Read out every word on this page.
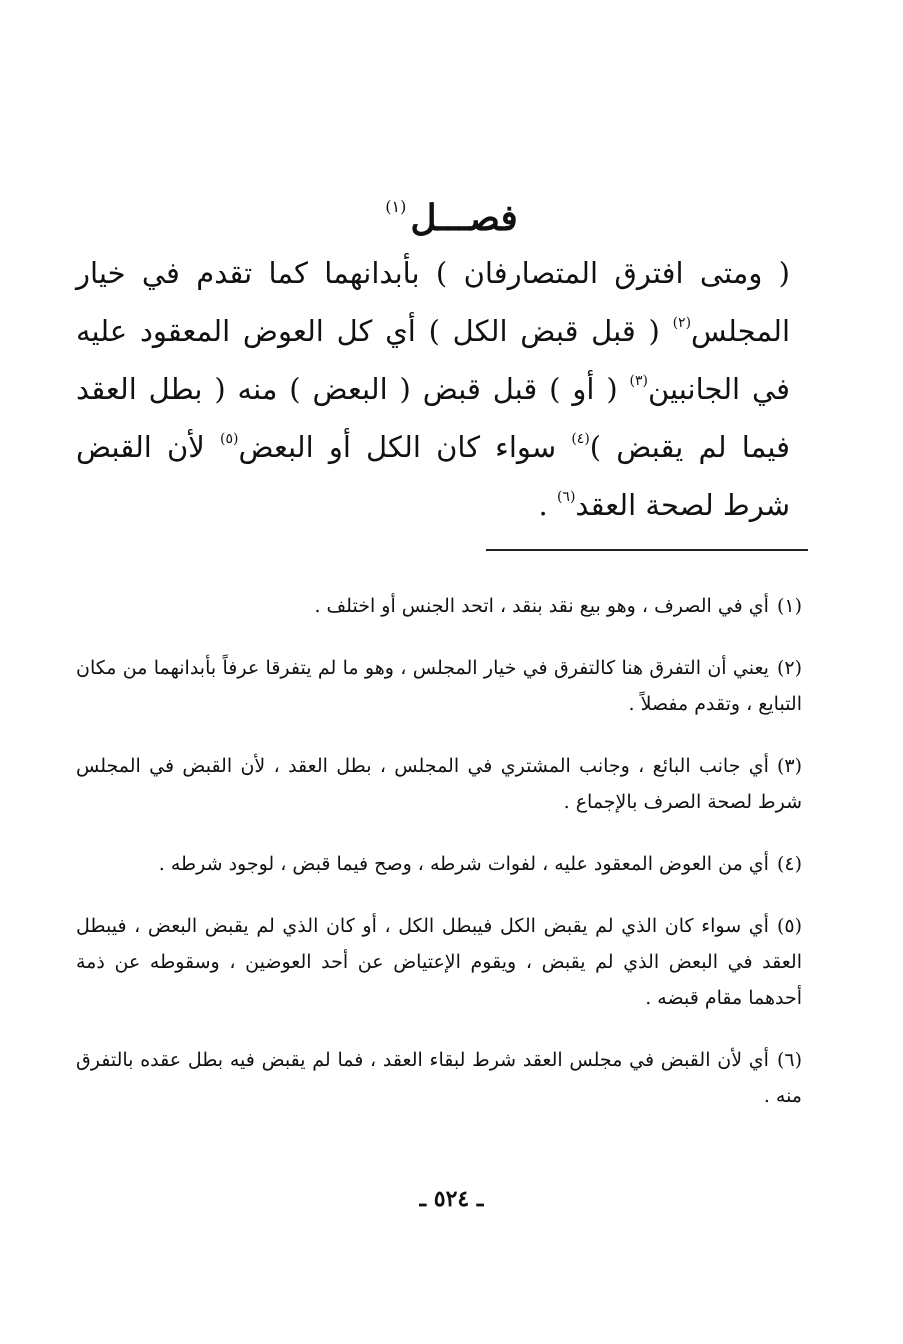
فصـــل$^{(١)}$

( ومتى افترق المتصارفان ) بأبدانهما كما تقدم في خيار المجلس$^{(٢)}$ ( قبل قبض الكل ) أي كل العوض المعقود عليه في الجانبين$^{(٣)}$ ( أو ) قبل قبض ( البعض ) منه ( بطل العقد فيما لم يقبض )$^{(٤)}$ سواء كان الكل أو البعض$^{(٥)}$ لأن القبض شرط لصحة العقد$^{(٦)}$ .

(١)أي في الصرف ، وهو بيع نقد بنقد ، اتحد الجنس أو اختلف .
(٢)يعني أن التفرق هنا كالتفرق في خيار المجلس ، وهو ما لم يتفرقا عرفاً بأبدانهما من مكان التبايع ، وتقدم مفصلاً .
(٣)أي جانب البائع ، وجانب المشتري في المجلس ، بطل العقد ، لأن القبض في المجلس شرط لصحة الصرف بالإجماع .
(٤)أي من العوض المعقود عليه ، لفوات شرطه ، وصح فيما قبض ، لوجود شرطه .
(٥)أي سواء كان الذي لم يقبض الكل فيبطل الكل ، أو كان الذي لم يقبض البعض ، فيبطل العقد في البعض الذي لم يقبض ، ويقوم الإعتياض عن أحد العوضين ، وسقوطه عن ذمة أحدهما مقام قبضه .
(٦)أي لأن القبض في مجلس العقد شرط لبقاء العقد ، فما لم يقبض فيه بطل عقده بالتفرق منه .
ـ ٥٢٤ ـ
